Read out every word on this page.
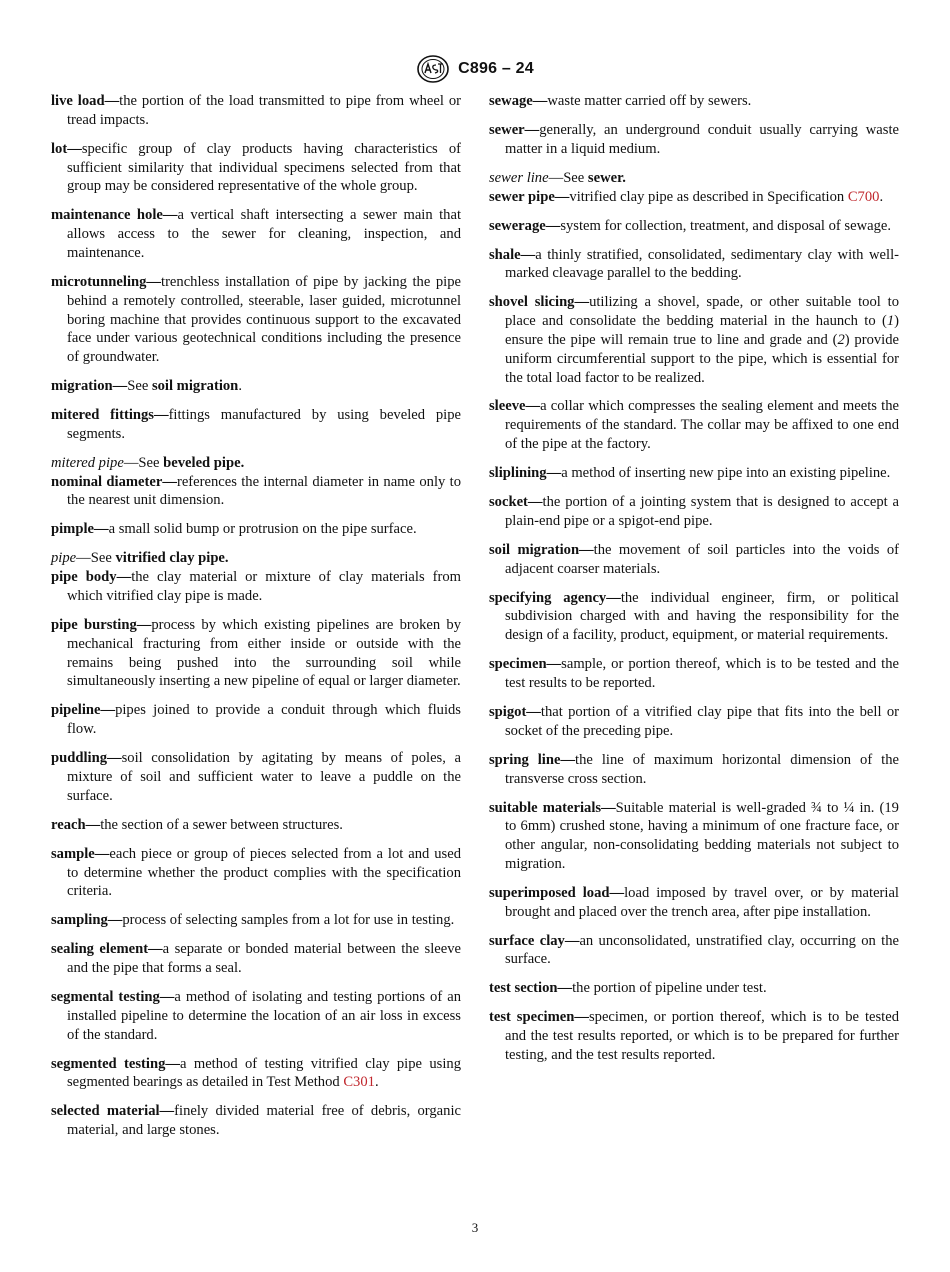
C896 – 24

live load—the portion of the load transmitted to pipe from wheel or tread impacts.

lot—specific group of clay products having characteristics of sufficient similarity that individual specimens selected from that group may be considered representative of the whole group.

maintenance hole—a vertical shaft intersecting a sewer main that allows access to the sewer for cleaning, inspection, and maintenance.

microtunneling—trenchless installation of pipe by jacking the pipe behind a remotely controlled, steerable, laser guided, microtunnel boring machine that provides continuous support to the excavated face under various geotechnical conditions including the presence of groundwater.

migration—See soil migration.

mitered fittings—fittings manufactured by using beveled pipe segments.

mitered pipe—See beveled pipe.

nominal diameter—references the internal diameter in name only to the nearest unit dimension.

pimple—a small solid bump or protrusion on the pipe surface.

pipe—See vitrified clay pipe.

pipe body—the clay material or mixture of clay materials from which vitrified clay pipe is made.

pipe bursting—process by which existing pipelines are broken by mechanical fracturing from either inside or outside with the remains being pushed into the surrounding soil while simultaneously inserting a new pipeline of equal or larger diameter.

pipeline—pipes joined to provide a conduit through which fluids flow.

puddling—soil consolidation by agitating by means of poles, a mixture of soil and sufficient water to leave a puddle on the surface.

reach—the section of a sewer between structures.

sample—each piece or group of pieces selected from a lot and used to determine whether the product complies with the specification criteria.

sampling—process of selecting samples from a lot for use in testing.

sealing element—a separate or bonded material between the sleeve and the pipe that forms a seal.

segmental testing—a method of isolating and testing portions of an installed pipeline to determine the location of an air loss in excess of the standard.

segmented testing—a method of testing vitrified clay pipe using segmented bearings as detailed in Test Method C301.

selected material—finely divided material free of debris, organic material, and large stones.

sewage—waste matter carried off by sewers.

sewer—generally, an underground conduit usually carrying waste matter in a liquid medium.

sewer line—See sewer.

sewer pipe—vitrified clay pipe as described in Specification C700.

sewerage—system for collection, treatment, and disposal of sewage.

shale—a thinly stratified, consolidated, sedimentary clay with well-marked cleavage parallel to the bedding.

shovel slicing—utilizing a shovel, spade, or other suitable tool to place and consolidate the bedding material in the haunch to (1) ensure the pipe will remain true to line and grade and (2) provide uniform circumferential support to the pipe, which is essential for the total load factor to be realized.

sleeve—a collar which compresses the sealing element and meets the requirements of the standard. The collar may be affixed to one end of the pipe at the factory.

sliplining—a method of inserting new pipe into an existing pipeline.

socket—the portion of a jointing system that is designed to accept a plain-end pipe or a spigot-end pipe.

soil migration—the movement of soil particles into the voids of adjacent coarser materials.

specifying agency—the individual engineer, firm, or political subdivision charged with and having the responsibility for the design of a facility, product, equipment, or material requirements.

specimen—sample, or portion thereof, which is to be tested and the test results to be reported.

spigot—that portion of a vitrified clay pipe that fits into the bell or socket of the preceding pipe.

spring line—the line of maximum horizontal dimension of the transverse cross section.

suitable materials—Suitable material is well-graded ¾ to ¼ in. (19 to 6mm) crushed stone, having a minimum of one fracture face, or other angular, non-consolidating bedding materials not subject to migration.

superimposed load—load imposed by travel over, or by material brought and placed over the trench area, after pipe installation.

surface clay—an unconsolidated, unstratified clay, occurring on the surface.

test section—the portion of pipeline under test.

test specimen—specimen, or portion thereof, which is to be tested and the test results reported, or which is to be prepared for further testing, and the test results reported.

3
